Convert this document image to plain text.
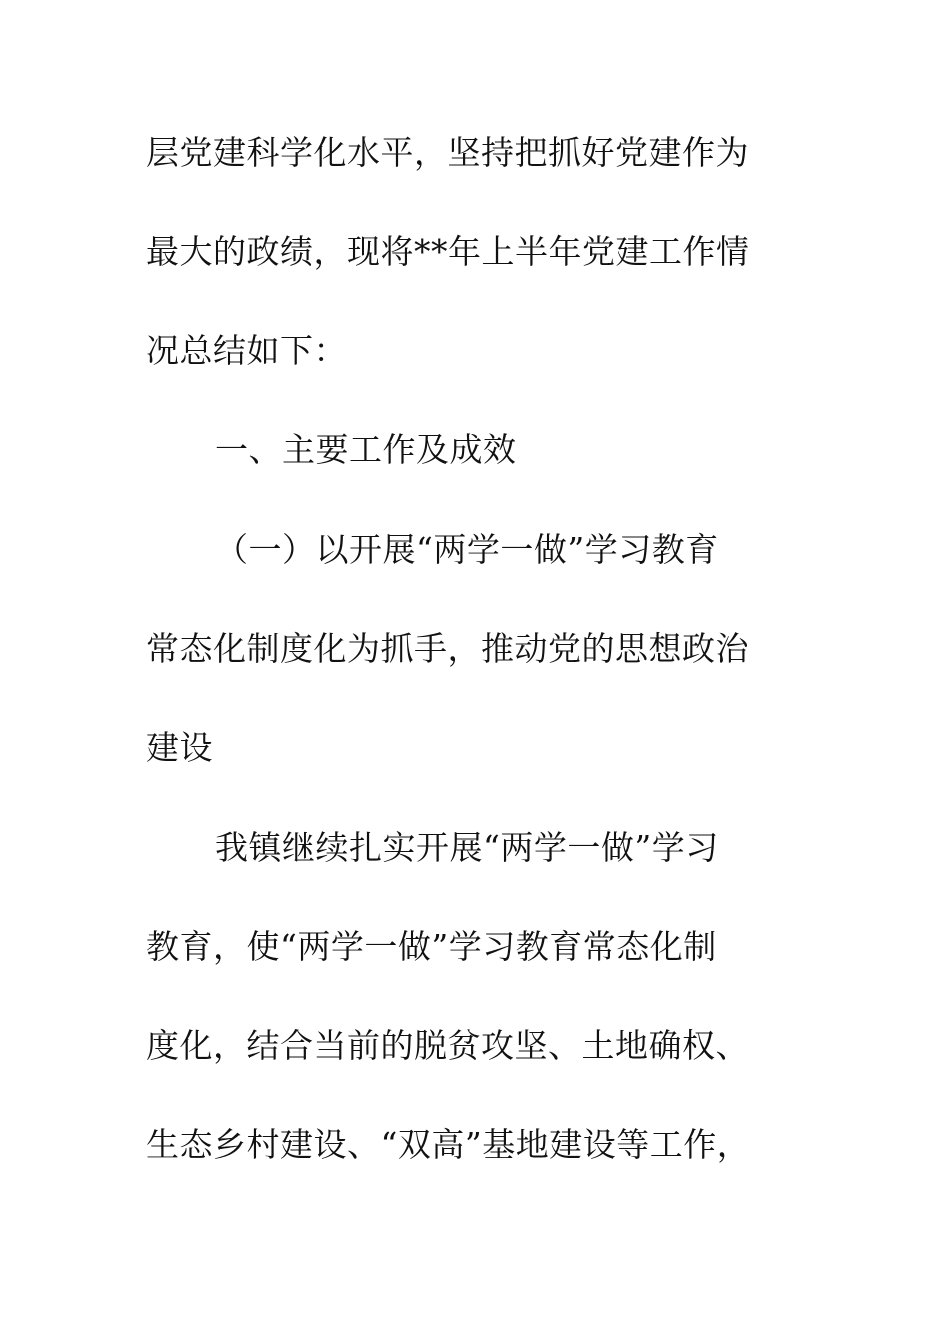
层党建科学化水平，坚持把抓好党建作为
最大的政绩，现将**年上半年党建工作情
况总结如下：
一、主要工作及成效
（一）以开展“两学一做”学习教育
常态化制度化为抓手，推动党的思想政治
建设
我镇继续扎实开展“两学一做”学习
教育，使“两学一做”学习教育常态化制
度化，结合当前的脱贫攻坚、土地确权、
生态乡村建设、“双高”基地建设等工作，
